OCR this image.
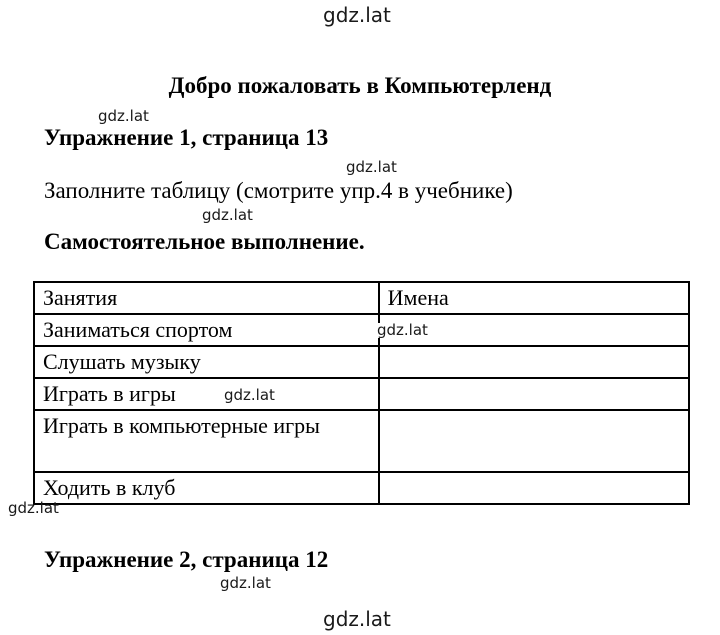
gdz.lat
gdz.lat
gdz.lat
gdz.lat
Добро пожаловать в Компьютерленд
Упражнение 1, страница 13
Заполните таблицу (смотрите упр.4 в учебнике)
Самостоятельное выполнение.
Занятия	Имена
Заниматься спортом	
Слушать музыку	
Играть в игры	
Играть в компьютерные игры	
Ходить в клуб	
gdz.lat
gdz.lat
gdz.lat
Упражнение 2, страница 12
gdz.lat
gdz.lat
